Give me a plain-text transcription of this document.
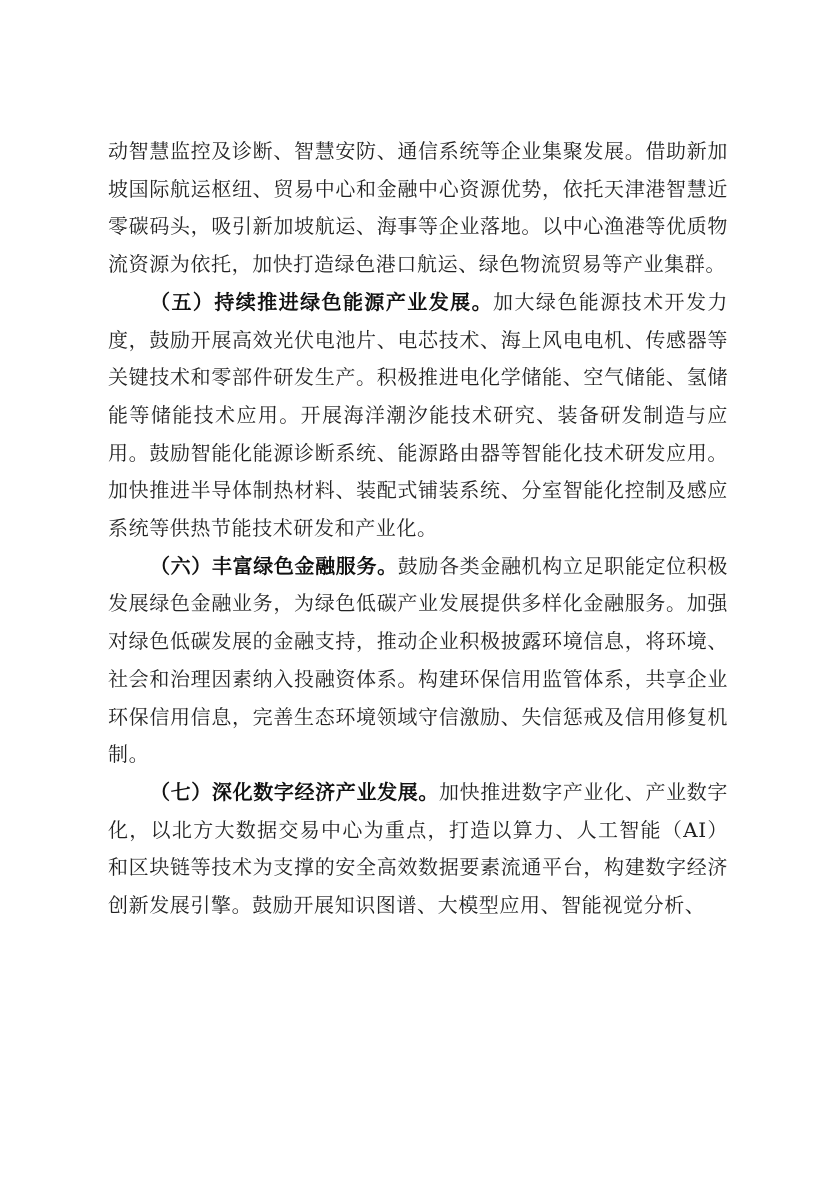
动智慧监控及诊断、智慧安防、通信系统等企业集聚发展。借助新加坡国际航运枢纽、贸易中心和金融中心资源优势，依托天津港智慧近零碳码头，吸引新加坡航运、海事等企业落地。以中心渔港等优质物流资源为依托，加快打造绿色港口航运、绿色物流贸易等产业集群。

（五）持续推进绿色能源产业发展。加大绿色能源技术开发力度，鼓励开展高效光伏电池片、电芯技术、海上风电电机、传感器等关键技术和零部件研发生产。积极推进电化学储能、空气储能、氢储能等储能技术应用。开展海洋潮汐能技术研究、装备研发制造与应用。鼓励智能化能源诊断系统、能源路由器等智能化技术研发应用。加快推进半导体制热材料、装配式铺装系统、分室智能化控制及感应系统等供热节能技术研发和产业化。

（六）丰富绿色金融服务。鼓励各类金融机构立足职能定位积极发展绿色金融业务，为绿色低碳产业发展提供多样化金融服务。加强对绿色低碳发展的金融支持，推动企业积极披露环境信息，将环境、社会和治理因素纳入投融资体系。构建环保信用监管体系，共享企业环保信用信息，完善生态环境领域守信激励、失信惩戒及信用修复机制。

（七）深化数字经济产业发展。加快推进数字产业化、产业数字化，以北方大数据交易中心为重点，打造以算力、人工智能（AI）和区块链等技术为支撑的安全高效数据要素流通平台，构建数字经济创新发展引擎。鼓励开展知识图谱、大模型应用、智能视觉分析、
